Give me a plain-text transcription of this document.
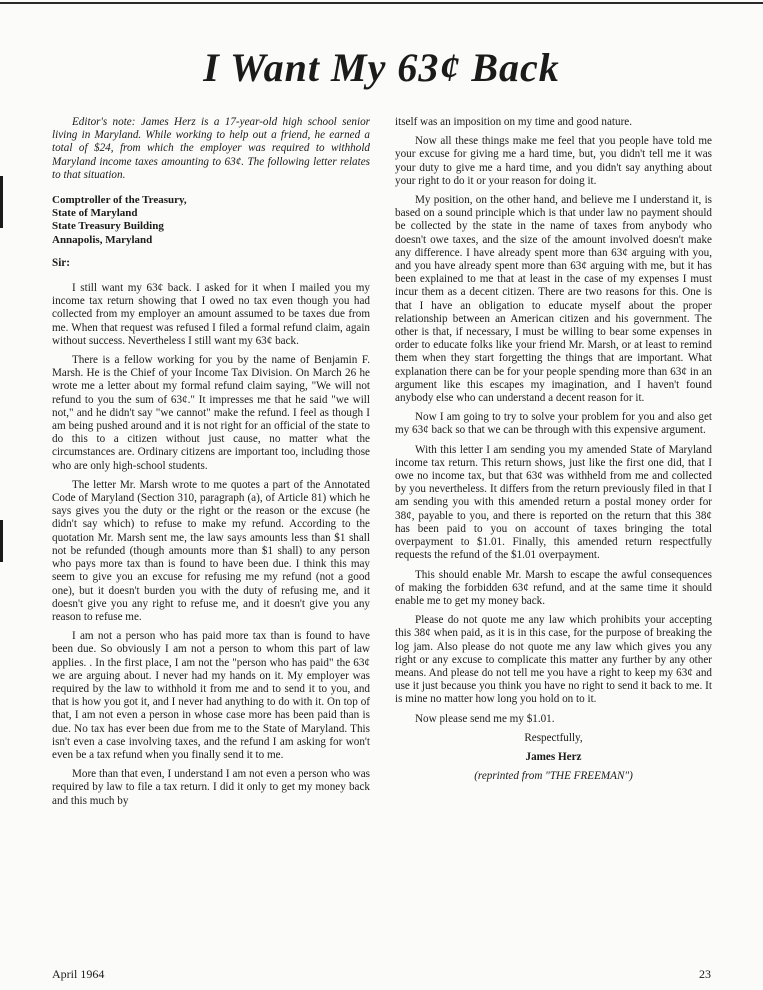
I Want My 63¢ Back

Editor's note: James Herz is a 17-year-old high school senior living in Maryland. While working to help out a friend, he earned a total of $24, from which the employer was required to withhold Maryland income taxes amounting to 63¢. The following letter relates to that situation.

Comptroller of the Treasury,
State of Maryland
State Treasury Building
Annapolis, Maryland

Sir:

I still want my 63¢ back. I asked for it when I mailed you my income tax return showing that I owed no tax even though you had collected from my employer an amount assumed to be taxes due from me. When that request was refused I filed a formal refund claim, again without success. Nevertheless I still want my 63¢ back.

There is a fellow working for you by the name of Benjamin F. Marsh. He is the Chief of your Income Tax Division. On March 26 he wrote me a letter about my formal refund claim saying, "We will not refund to you the sum of 63¢." It impresses me that he said "we will not," and he didn't say "we cannot" make the refund. I feel as though I am being pushed around and it is not right for an official of the state to do this to a citizen without just cause, no matter what the circumstances are. Ordinary citizens are important too, including those who are only high-school students.

The letter Mr. Marsh wrote to me quotes a part of the Annotated Code of Maryland (Section 310, paragraph (a), of Article 81) which he says gives you the duty or the right or the reason or the excuse (he didn't say which) to refuse to make my refund. According to the quotation Mr. Marsh sent me, the law says amounts less than $1 shall not be refunded (though amounts more than $1 shall) to any person who pays more tax than is found to have been due. I think this may seem to give you an excuse for refusing me my refund (not a good one), but it doesn't burden you with the duty of refusing me, and it doesn't give you any right to refuse me, and it doesn't give you any reason to refuse me.

I am not a person who has paid more tax than is found to have been due. So obviously I am not a person to whom this part of law applies. . In the first place, I am not the "person who has paid" the 63¢ we are arguing about. I never had my hands on it. My employer was required by the law to withhold it from me and to send it to you, and that is how you got it, and I never had anything to do with it. On top of that, I am not even a person in whose case more has been paid than is due. No tax has ever been due from me to the State of Maryland. This isn't even a case involving taxes, and the refund I am asking for won't even be a tax refund when you finally send it to me.

More than that even, I understand I am not even a person who was required by law to file a tax return. I did it only to get my money back and this much by

itself was an imposition on my time and good nature.

Now all these things make me feel that you people have told me your excuse for giving me a hard time, but, you didn't tell me it was your duty to give me a hard time, and you didn't say anything about your right to do it or your reason for doing it.

My position, on the other hand, and believe me I understand it, is based on a sound principle which is that under law no payment should be collected by the state in the name of taxes from anybody who doesn't owe taxes, and the size of the amount involved doesn't make any difference. I have already spent more than 63¢ arguing with you, and you have already spent more than 63¢ arguing with me, but it has been explained to me that at least in the case of my expenses I must incur them as a decent citizen. There are two reasons for this. One is that I have an obligation to educate myself about the proper relationship between an American citizen and his government. The other is that, if necessary, I must be willing to bear some expenses in order to educate folks like your friend Mr. Marsh, or at least to remind them when they start forgetting the things that are important. What explanation there can be for your people spending more than 63¢ in an argument like this escapes my imagination, and I haven't found anybody else who can understand a decent reason for it.

Now I am going to try to solve your problem for you and also get my 63¢ back so that we can be through with this expensive argument.

With this letter I am sending you my amended State of Maryland income tax return. This return shows, just like the first one did, that I owe no income tax, but that 63¢ was withheld from me and collected by you nevertheless. It differs from the return previously filed in that I am sending you with this amended return a postal money order for 38¢, payable to you, and there is reported on the return that this 38¢ has been paid to you on account of taxes bringing the total overpayment to $1.01. Finally, this amended return respectfully requests the refund of the $1.01 overpayment.

This should enable Mr. Marsh to escape the awful consequences of making the forbidden 63¢ refund, and at the same time it should enable me to get my money back.

Please do not quote me any law which prohibits your accepting this 38¢ when paid, as it is in this case, for the purpose of breaking the log jam. Also please do not quote me any law which gives you any right or any excuse to complicate this matter any further by any other means. And please do not tell me you have a right to keep my 63¢ and use it just because you think you have no right to send it back to me. It is mine no matter how long you hold on to it.

Now please send me my $1.01.

Respectfully,

James Herz

(reprinted from "THE FREEMAN")

April 1964	23
